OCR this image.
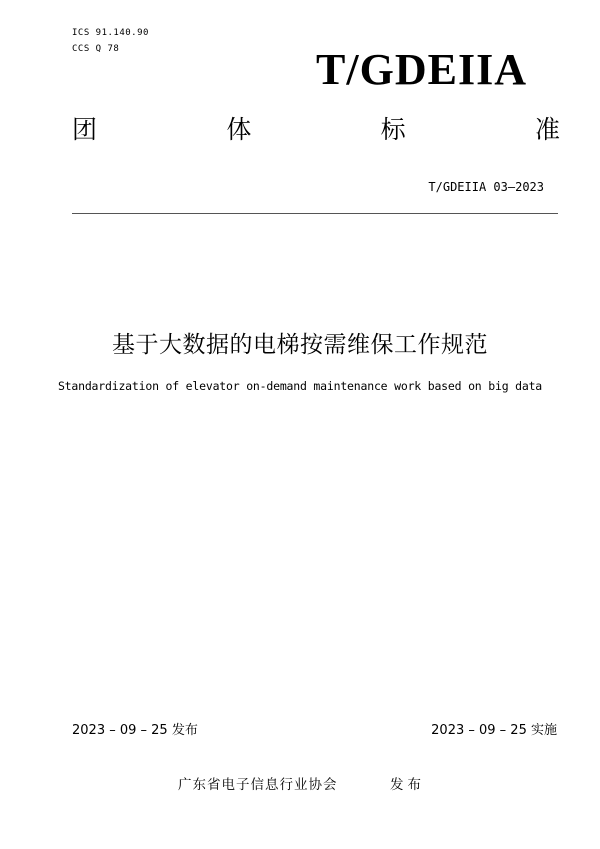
ICS 91.140.90
CCS Q 78	T/GDEIIA
团	体	标	准
T/GDEIIA 03—2023
基于大数据的电梯按需维保工作规范
Standardization of elevator on-demand maintenance work based on big data
2023 – 09 – 25 发布	2023 – 09 – 25 实施
广东省电子信息行业协会	发布
